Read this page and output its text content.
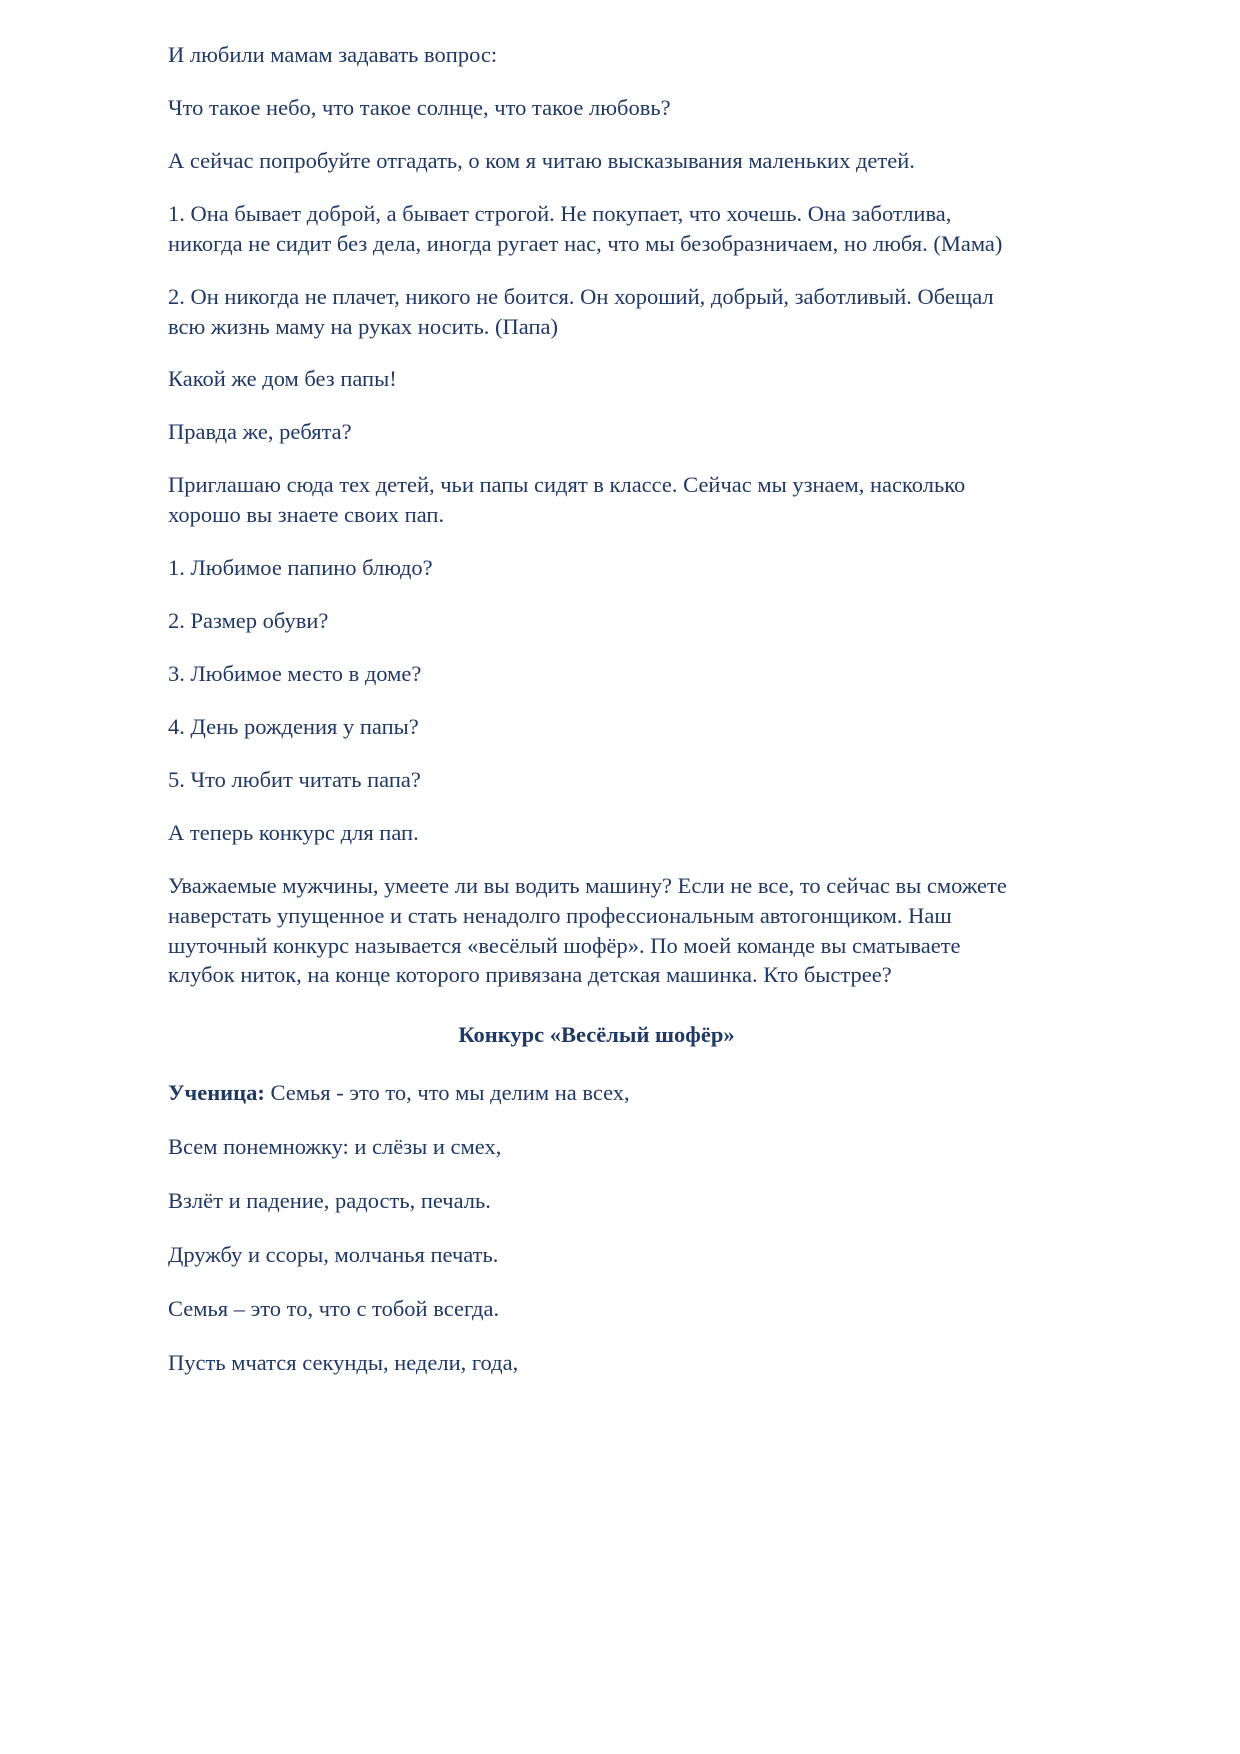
И любили мамам задавать вопрос:

Что такое небо, что такое солнце, что такое любовь?

А сейчас попробуйте отгадать, о ком я читаю высказывания маленьких детей.

1. Она бывает доброй, а бывает строгой. Не покупает, что хочешь. Она заботлива, никогда не сидит без дела, иногда ругает нас, что мы безобразничаем, но любя. (Мама)

2. Он никогда не плачет, никого не боится. Он хороший, добрый, заботливый. Обещал всю жизнь маму на руках носить. (Папа)

Какой же дом без папы!

Правда же, ребята?

Приглашаю сюда тех детей, чьи папы сидят в классе. Сейчас мы узнаем, насколько хорошо вы знаете своих пап.

1. Любимое папино блюдо?

2. Размер обуви?

3. Любимое место в доме?

4. День рождения у папы?

5. Что любит читать папа?

А теперь конкурс для пап.

Уважаемые мужчины, умеете ли вы водить машину? Если не все, то сейчас вы сможете наверстать упущенное и стать ненадолго профессиональным автогонщиком. Наш шуточный конкурс называется «весёлый шофёр». По моей команде вы сматываете клубок ниток, на конце которого привязана детская машинка. Кто быстрее?

Конкурс «Весёлый шофёр»

Ученица: Семья - это то, что мы делим на всех,

Всем понемножку: и слёзы и смех,

Взлёт и падение, радость, печаль.

Дружбу и ссоры, молчанья печать.

Семья – это то, что с тобой всегда.

Пусть мчатся секунды, недели, года,
